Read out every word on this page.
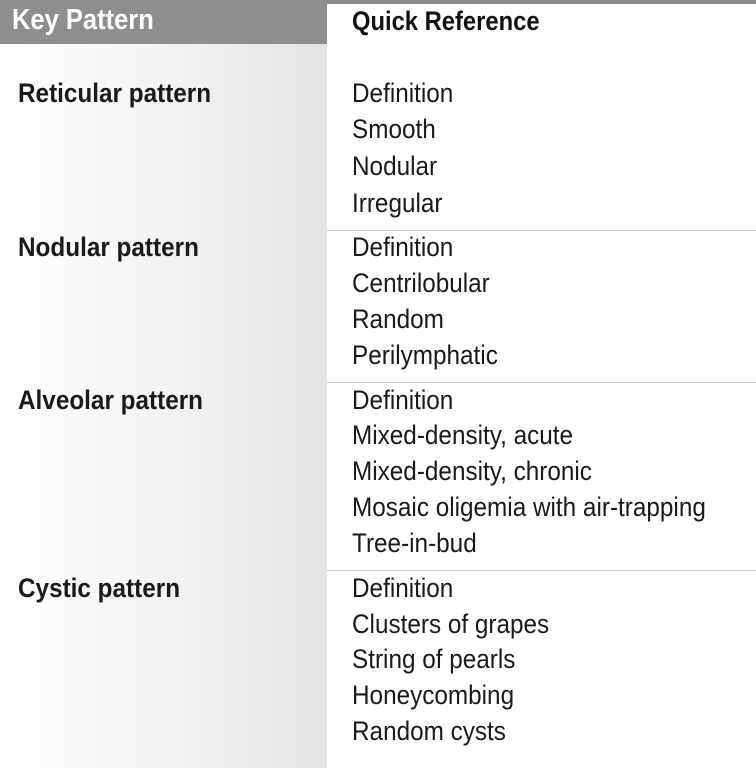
Key Pattern	Quick Reference
Reticular pattern	Definition
Smooth
Nodular
Irregular
Nodular pattern	Definition
Centrilobular
Random
Perilymphatic
Alveolar pattern	Definition
Mixed-density, acute
Mixed-density, chronic
Mosaic oligemia with air-trapping
Tree-in-bud
Cystic pattern	Definition
Clusters of grapes
String of pearls
Honeycombing
Random cysts
